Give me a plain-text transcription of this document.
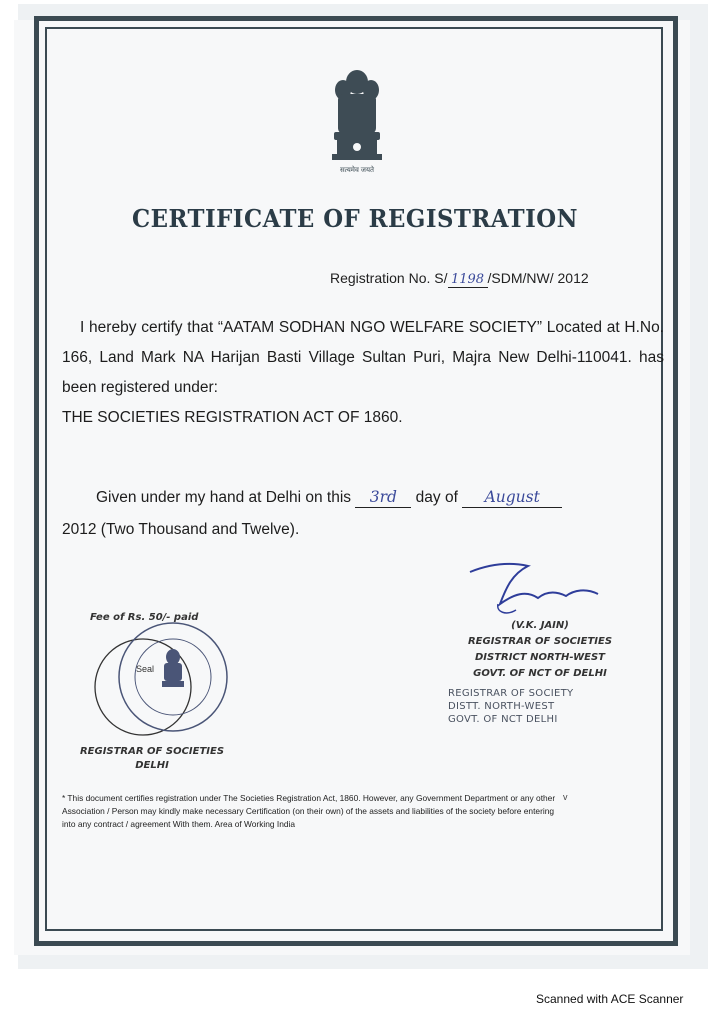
सत्यमेव जयते
CERTIFICATE OF REGISTRATION
Registration No. S/ 1198 /SDM/NW/ 2012

I hereby certify that “AATAM SODHAN NGO WELFARE SOCIETY” Located at H.No. 166, Land Mark NA Harijan Basti Village Sultan Puri, Majra New Delhi-110041. has been registered under:

THE SOCIETIES REGISTRATION ACT OF 1860.

Given under my hand at Delhi on this 3rd day of August
2012 (Two Thousand and Twelve).
(V.K. JAIN)
REGISTRAR OF SOCIETIES
DISTRICT NORTH-WEST
GOVT. OF NCT OF DELHI
REGISTRAR OF SOCIETY
DISTT. NORTH-WEST
GOVT. OF NCT DELHI
Fee of Rs. 50/- paid
Seal
REGISTRAR OF SOCIETIES
DELHI
* This document certifies registration under The Societies Registration Act, 1860. However, any Government Department or any other Association / Person may kindly make necessary Certification (on their own) of the assets and liabilities of the society before entering into any contract / agreement With them. Area of Working India
v
Scanned with ACE Scanner
